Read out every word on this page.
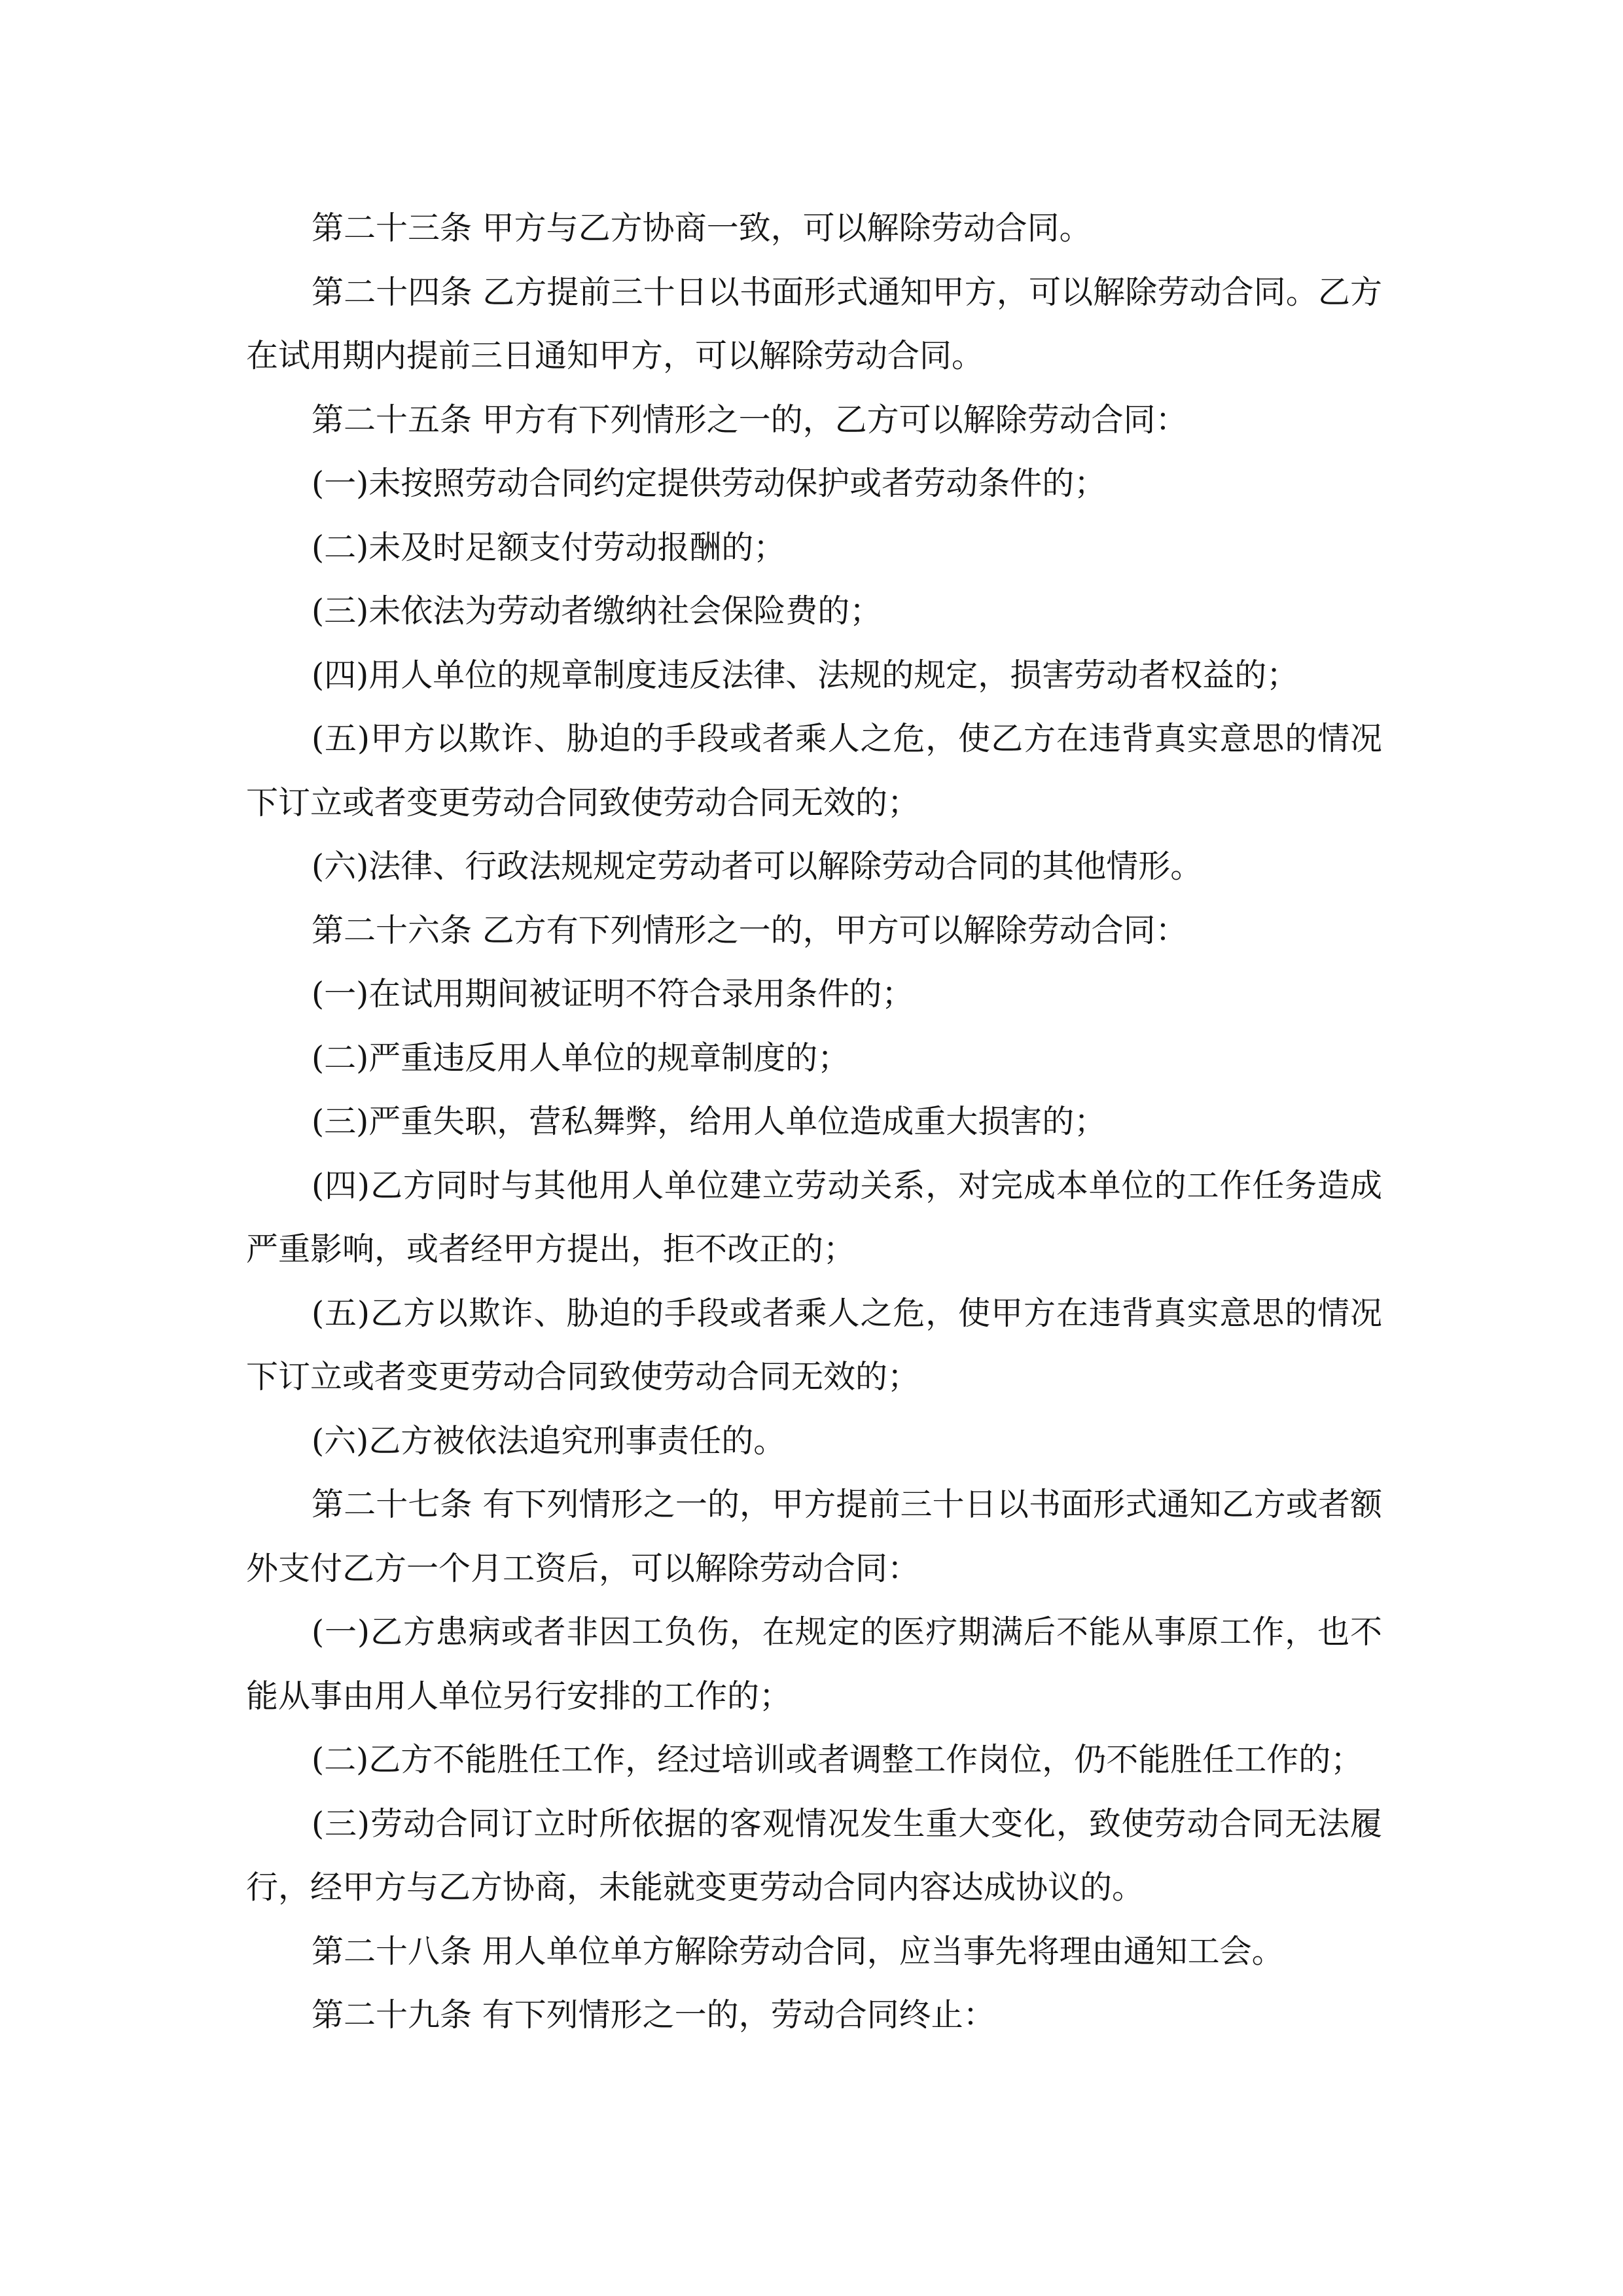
第二十三条 甲方与乙方协商一致，可以解除劳动合同。

第二十四条 乙方提前三十日以书面形式通知甲方，可以解除劳动合同。乙方在试用期内提前三日通知甲方，可以解除劳动合同。

第二十五条 甲方有下列情形之一的，乙方可以解除劳动合同：

(一)未按照劳动合同约定提供劳动保护或者劳动条件的；

(二)未及时足额支付劳动报酬的；

(三)未依法为劳动者缴纳社会保险费的；

(四)用人单位的规章制度违反法律、法规的规定，损害劳动者权益的；

(五)甲方以欺诈、胁迫的手段或者乘人之危，使乙方在违背真实意思的情况下订立或者变更劳动合同致使劳动合同无效的；

(六)法律、行政法规规定劳动者可以解除劳动合同的其他情形。

第二十六条 乙方有下列情形之一的，甲方可以解除劳动合同：

(一)在试用期间被证明不符合录用条件的；

(二)严重违反用人单位的规章制度的；

(三)严重失职，营私舞弊，给用人单位造成重大损害的；

(四)乙方同时与其他用人单位建立劳动关系，对完成本单位的工作任务造成严重影响，或者经甲方提出，拒不改正的；

(五)乙方以欺诈、胁迫的手段或者乘人之危，使甲方在违背真实意思的情况下订立或者变更劳动合同致使劳动合同无效的；

(六)乙方被依法追究刑事责任的。

第二十七条 有下列情形之一的，甲方提前三十日以书面形式通知乙方或者额外支付乙方一个月工资后，可以解除劳动合同：

(一)乙方患病或者非因工负伤，在规定的医疗期满后不能从事原工作，也不能从事由用人单位另行安排的工作的；

(二)乙方不能胜任工作，经过培训或者调整工作岗位，仍不能胜任工作的；

(三)劳动合同订立时所依据的客观情况发生重大变化，致使劳动合同无法履行，经甲方与乙方协商，未能就变更劳动合同内容达成协议的。

第二十八条 用人单位单方解除劳动合同，应当事先将理由通知工会。

第二十九条 有下列情形之一的，劳动合同终止：
